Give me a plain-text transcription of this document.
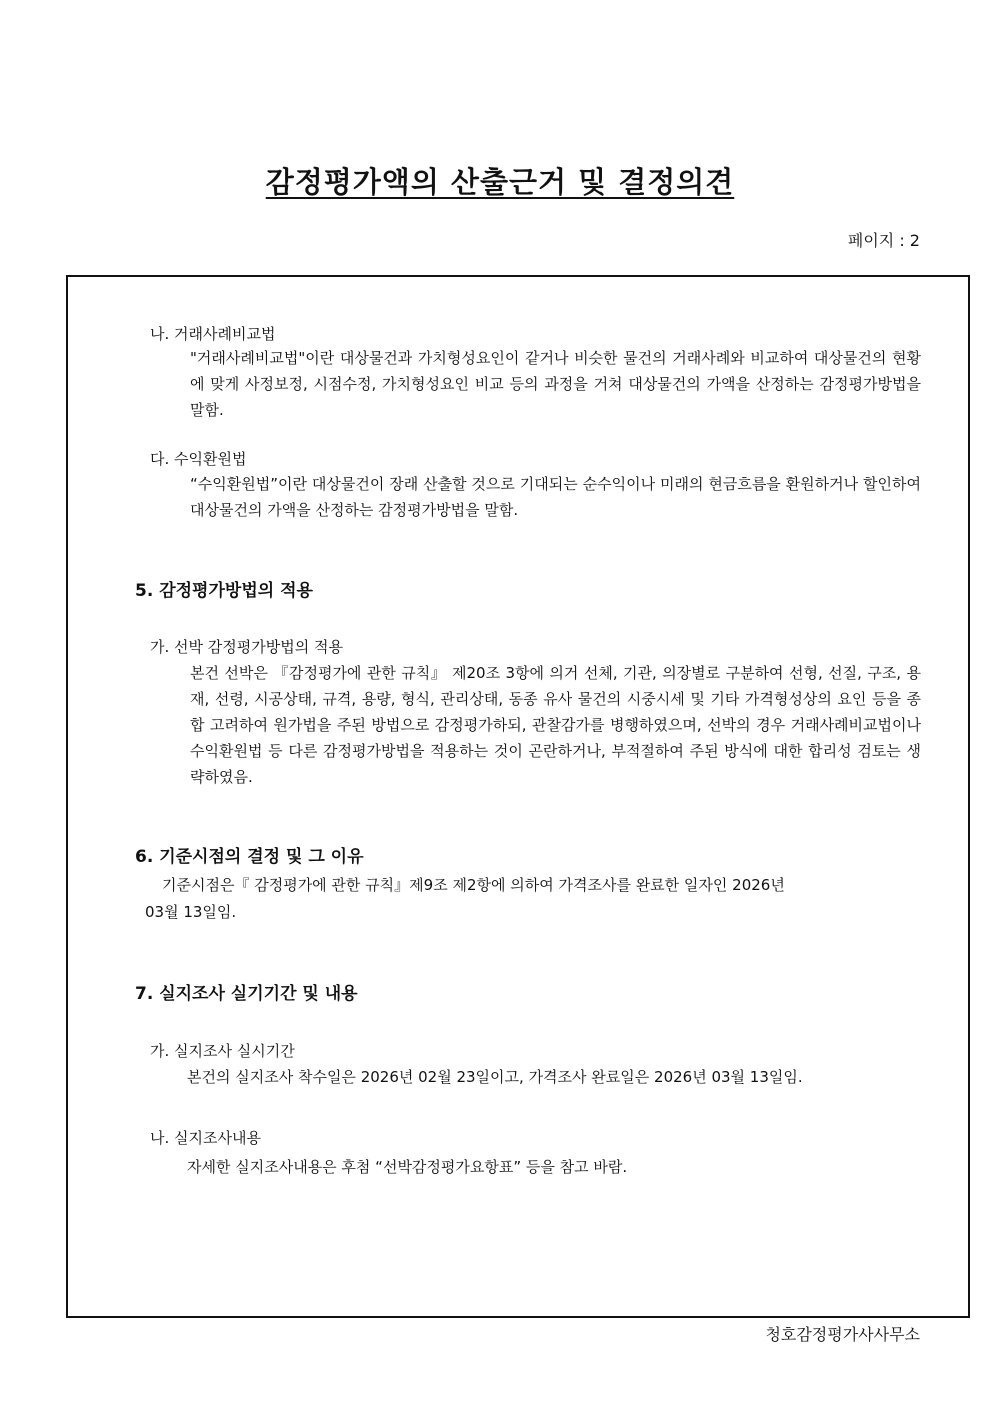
감정평가액의 산출근거 및 결정의견
페이지 : 2
나. 거래사례비교법
"거래사례비교법"이란 대상물건과 가치형성요인이 같거나 비슷한 물건의 거래사례와 비교하여 대상물건의 현황에 맞게 사정보정, 시점수정, 가치형성요인 비교 등의 과정을 거쳐 대상물건의 가액을 산정하는 감정평가방법을 말함.
다. 수익환원법
“수익환원법”이란 대상물건이 장래 산출할 것으로 기대되는 순수익이나 미래의 현금흐름을 환원하거나 할인하여 대상물건의 가액을 산정하는 감정평가방법을 말함.
5. 감정평가방법의 적용
가. 선박 감정평가방법의 적용
본건 선박은 『감정평가에 관한 규칙』 제20조 3항에 의거 선체, 기관, 의장별로 구분하여 선형, 선질, 구조, 용재, 선령, 시공상태, 규격, 용량, 형식, 관리상태, 동종 유사 물건의 시중시세 및 기타 가격형성상의 요인 등을 종합 고려하여 원가법을 주된 방법으로 감정평가하되, 관찰감가를 병행하였으며, 선박의 경우 거래사례비교법이나 수익환원법 등 다른 감정평가방법을 적용하는 것이 곤란하거나, 부적절하여 주된 방식에 대한 합리성 검토는 생략하였음.
6. 기준시점의 결정 및 그 이유
기준시점은『 감정평가에 관한 규칙』제9조 제2항에 의하여 가격조사를 완료한 일자인 2026년
03월 13일임.
7. 실지조사 실기기간 및 내용
가. 실지조사 실시기간
본건의 실지조사 착수일은 2026년 02월 23일이고, 가격조사 완료일은 2026년 03월 13일임.
나. 실지조사내용
자세한 실지조사내용은 후첨 “선박감정평가요항표” 등을 참고 바람.
청호감정평가사사무소
